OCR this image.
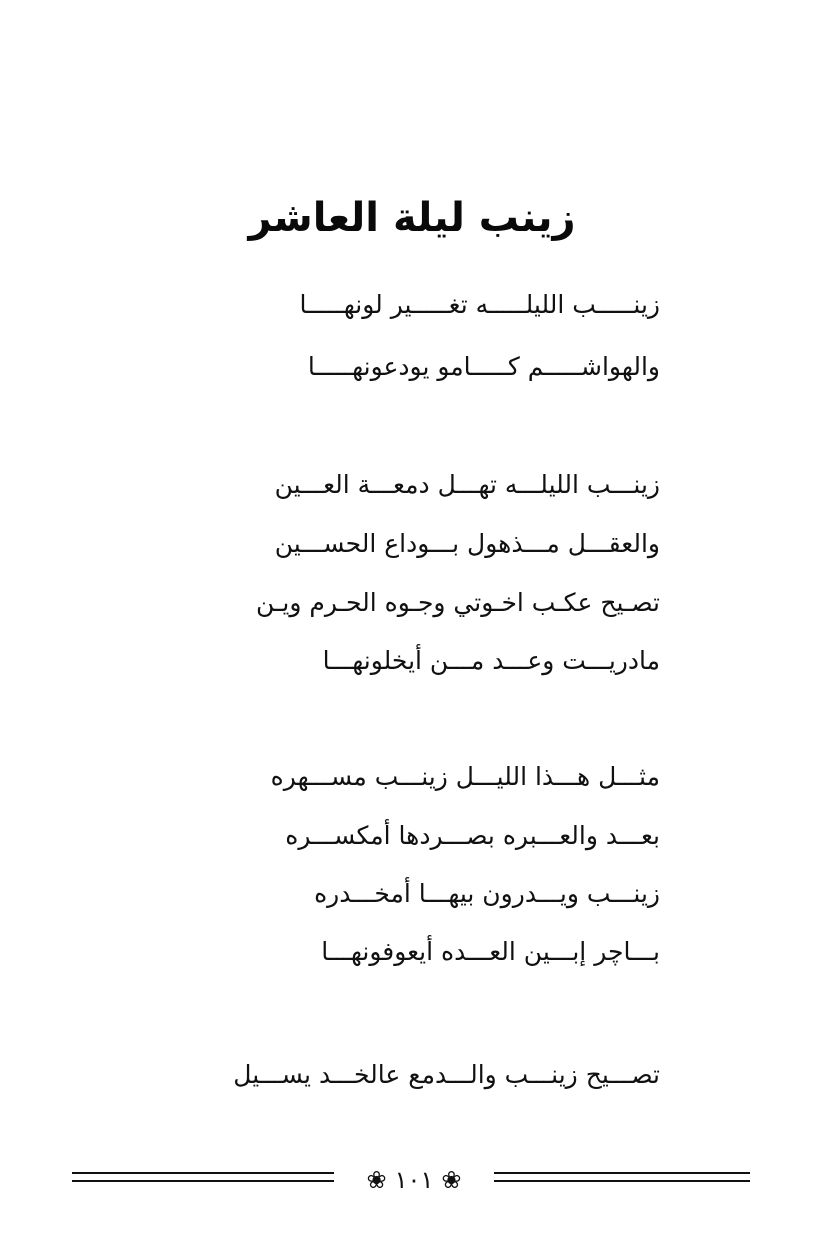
زينب ليلة العاشر
زينـــــب الليلـــــه تغـــــير لونهـــــا
والهواشـــــم كـــــامو يودعونهـــــا
زينـــب الليلـــه تهـــل دمعـــة العـــين
والعقـــل مـــذهول بـــوداع الحســـين
تصـيح عكـب اخـوتي وجـوه الحـرم ويـن
مادريـــت وعـــد مـــن أيخلونهـــا
مثـــل هـــذا الليـــل زينـــب مســـهره
بعـــد والعـــبره بصـــردها أمكســـره
زينـــب ويـــدرون بيهـــا أمخـــدره
بـــاچر إبـــين العـــده أيعوفونهـــا
تصـــيح زينـــب والـــدمع عالخـــد يســـيل
❀ ١٠١ ❀
